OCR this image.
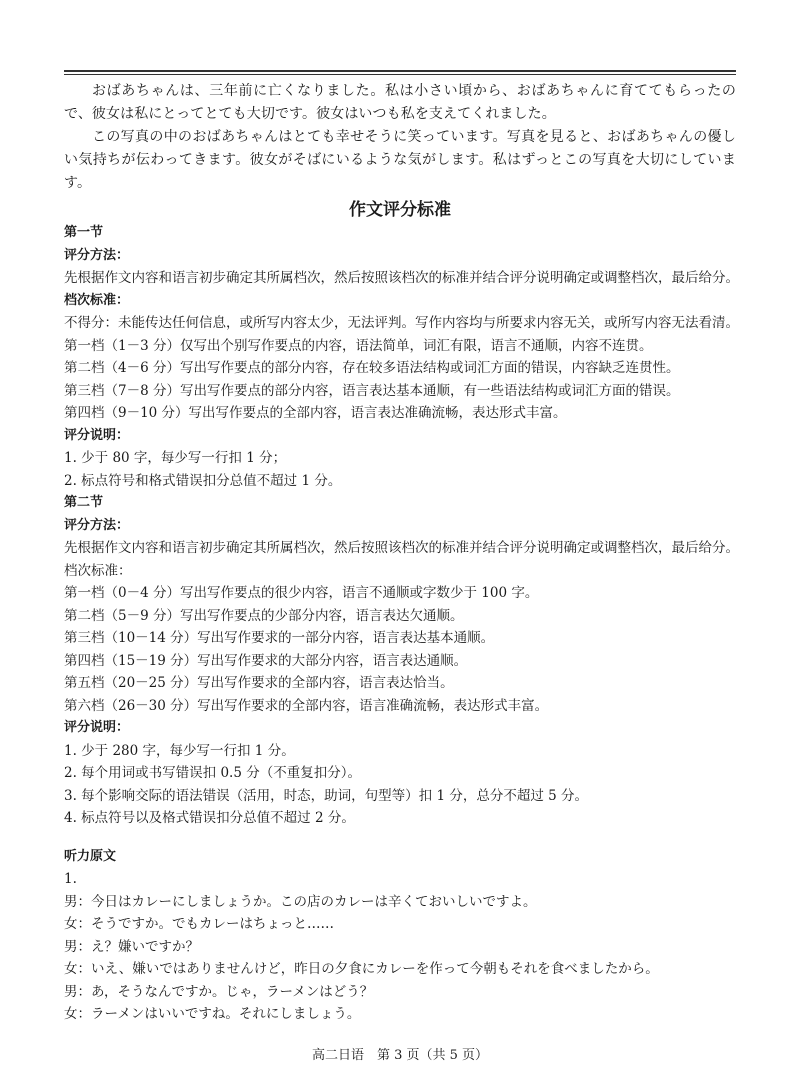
おばあちゃんは、三年前に亡くなりました。私は小さい頃から、おばあちゃんに育ててもらったので、彼女は私にとってとても大切です。彼女はいつも私を支えてくれました。

この写真の中のおばあちゃんはとても幸せそうに笑っています。写真を見ると、おばあちゃんの優しい気持ちが伝わってきます。彼女がそばにいるような気がします。私はずっとこの写真を大切にしています。

作文评分标准
第一节
评分方法：
先根据作文内容和语言初步确定其所属档次，然后按照该档次的标准并结合评分说明确定或调整档次，最后给分。
档次标准：
不得分：未能传达任何信息，或所写内容太少，无法评判。写作内容均与所要求内容无关，或所写内容无法看清。
第一档（1－3 分）仅写出个别写作要点的内容，语法简单，词汇有限，语言不通顺，内容不连贯。
第二档（4－6 分）写出写作要点的部分内容，存在较多语法结构或词汇方面的错误，内容缺乏连贯性。
第三档（7－8 分）写出写作要点的部分内容，语言表达基本通顺，有一些语法结构或词汇方面的错误。
第四档（9－10 分）写出写作要点的全部内容，语言表达准确流畅，表达形式丰富。
评分说明：
1. 少于 80 字，每少写一行扣 1 分；
2. 标点符号和格式错误扣分总值不超过 1 分。
第二节
评分方法：
先根据作文内容和语言初步确定其所属档次，然后按照该档次的标准并结合评分说明确定或调整档次，最后给分。
档次标准：
第一档（0－4 分）写出写作要点的很少内容，语言不通顺或字数少于 100 字。
第二档（5－9 分）写出写作要点的少部分内容，语言表达欠通顺。
第三档（10－14 分）写出写作要求的一部分内容，语言表达基本通顺。
第四档（15－19 分）写出写作要求的大部分内容，语言表达通顺。
第五档（20－25 分）写出写作要求的全部内容，语言表达恰当。
第六档（26－30 分）写出写作要求的全部内容，语言准确流畅，表达形式丰富。
评分说明：
1. 少于 280 字，每少写一行扣 1 分。
2. 每个用词或书写错误扣 0.5 分（不重复扣分）。
3. 每个影响交际的语法错误（活用，时态，助词，句型等）扣 1 分，总分不超过 5 分。
4. 标点符号以及格式错误扣分总值不超过 2 分。
听力原文
1.
男：今日はカレーにしましょうか。この店のカレーは辛くておいしいですよ。
女：そうですか。でもカレーはちょっと……
男：え？嫌いですか？
女：いえ、嫌いではありませんけど，昨日の夕食にカレーを作って今朝もそれを食べましたから。
男：あ，そうなんですか。じゃ，ラーメンはどう？
女：ラーメンはいいですね。それにしましょう。
高二日语　第 3 页（共 5 页）
